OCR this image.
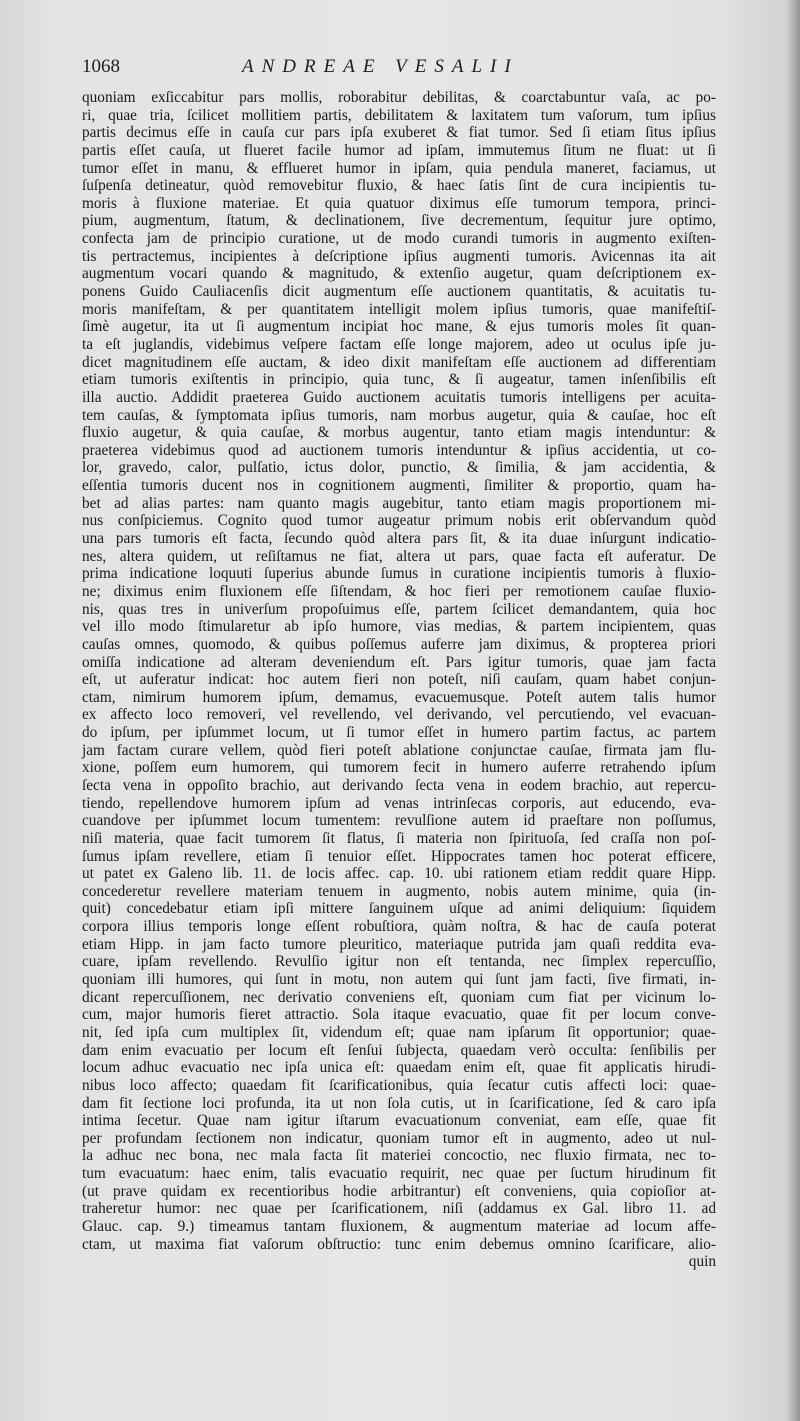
1068	ANDREAE VESALII
quoniam exſiccabitur pars mollis, roborabitur debilitas, & coarctabuntur vaſa, ac po-
ri, quae tria, ſcilicet mollitiem partis, debilitatem & laxitatem tum vaſorum, tum ipſius
partis decimus eſſe in cauſa cur pars ipſa exuberet & fiat tumor. Sed ſi etiam ſitus ipſius
partis eſſet cauſa, ut flueret facile humor ad ipſam, immutemus ſitum ne fluat: ut ſi
tumor eſſet in manu, & efflueret humor in ipſam, quia pendula maneret, faciamus, ut
ſuſpenſa detineatur, quòd removebitur fluxio, & haec ſatis ſint de cura incipientis tu-
moris à fluxione materiae. Et quia quatuor diximus eſſe tumorum tempora, princi-
pium, augmentum, ſtatum, & declinationem, ſive decrementum, ſequitur jure optimo,
confecta jam de principio curatione, ut de modo curandi tumoris in augmento exiſten-
tis pertractemus, incipientes à deſcriptione ipſius augmenti tumoris. Avicennas ita ait
augmentum vocari quando & magnitudo, & extenſio augetur, quam deſcriptionem ex-
ponens Guido Cauliacenſis dicit augmentum eſſe auctionem quantitatis, & acuitatis tu-
moris manifeſtam, & per quantitatem intelligit molem ipſius tumoris, quae manifeſtiſ-
ſimè augetur, ita ut ſi augmentum incipiat hoc mane, & ejus tumoris moles ſit quan-
ta eſt juglandis, videbimus veſpere factam eſſe longe majorem, adeo ut oculus ipſe ju-
dicet magnitudinem eſſe auctam, & ideo dixit manifeſtam eſſe auctionem ad differentiam
etiam tumoris exiſtentis in principio, quia tunc, & ſi augeatur, tamen inſenſibilis eſt
illa auctio. Addidit praeterea Guido auctionem acuitatis tumoris intelligens per acuita-
tem cauſas, & ſymptomata ipſius tumoris, nam morbus augetur, quia & cauſae, hoc eſt
fluxio augetur, & quia cauſae, & morbus augentur, tanto etiam magis intenduntur: &
praeterea videbimus quod ad auctionem tumoris intenduntur & ipſius accidentia, ut co-
lor, gravedo, calor, pulſatio, ictus dolor, punctio, & ſimilia, & jam accidentia, &
eſſentia tumoris ducent nos in cognitionem augmenti, ſimiliter & proportio, quam ha-
bet ad alias partes: nam quanto magis augebitur, tanto etiam magis proportionem mi-
nus conſpiciemus. Cognito quod tumor augeatur primum nobis erit obſervandum quòd
una pars tumoris eſt facta, ſecundo quòd altera pars ſit, & ita duae inſurgunt indicatio-
nes, altera quidem, ut reſiſtamus ne fiat, altera ut pars, quae facta eſt auferatur. De
prima indicatione loquuti ſuperius abunde ſumus in curatione incipientis tumoris à fluxio-
ne; diximus enim fluxionem eſſe ſiſtendam, & hoc fieri per remotionem cauſae fluxio-
nis, quas tres in univerſum propoſuimus eſſe, partem ſcilicet demandantem, quia hoc
vel illo modo ſtimularetur ab ipſo humore, vias medias, & partem incipientem, quas
cauſas omnes, quomodo, & quibus poſſemus auferre jam diximus, & propterea priori
omiſſa indicatione ad alteram deveniendum eſt. Pars igitur tumoris, quae jam facta
eſt, ut auferatur indicat: hoc autem fieri non poteſt, niſi cauſam, quam habet conjun-
ctam, nimirum humorem ipſum, demamus, evacuemusque. Poteſt autem talis humor
ex affecto loco removeri, vel revellendo, vel derivando, vel percutiendo, vel evacuan-
do ipſum, per ipſummet locum, ut ſi tumor eſſet in humero partim factus, ac partem
jam factam curare vellem, quòd fieri poteſt ablatione conjunctae cauſae, firmata jam flu-
xione, poſſem eum humorem, qui tumorem fecit in humero auferre retrahendo ipſum
ſecta vena in oppoſito brachio, aut derivando ſecta vena in eodem brachio, aut repercu-
tiendo, repellendove humorem ipſum ad venas intrinſecas corporis, aut educendo, eva-
cuandove per ipſummet locum tumentem: revulſione autem id praeſtare non poſſumus,
niſi materia, quae facit tumorem ſit flatus, ſi materia non ſpirituoſa, ſed craſſa non poſ-
ſumus ipſam revellere, etiam ſi tenuior eſſet. Hippocrates tamen hoc poterat efficere,
ut patet ex Galeno lib. 11. de locis affec. cap. 10. ubi rationem etiam reddit quare Hipp.
concederetur revellere materiam tenuem in augmento, nobis autem minime, quia (in-
quit) concedebatur etiam ipſi mittere ſanguinem uſque ad animi deliquium: ſiquidem
corpora illius temporis longe eſſent robuſtiora, quàm noſtra, & hac de cauſa poterat
etiam Hipp. in jam facto tumore pleuritico, materiaque putrida jam quaſi reddita eva-
cuare, ipſam revellendo. Revulſio igitur non eſt tentanda, nec ſimplex repercuſſio,
quoniam illi humores, qui ſunt in motu, non autem qui ſunt jam facti, ſive firmati, in-
dicant repercuſſionem, nec derivatio conveniens eſt, quoniam cum fiat per vicinum lo-
cum, major humoris fieret attractio. Sola itaque evacuatio, quae fit per locum conve-
nit, ſed ipſa cum multiplex ſit, videndum eſt; quae nam ipſarum ſit opportunior; quae-
dam enim evacuatio per locum eſt ſenſui ſubjecta, quaedam verò occulta: ſenſibilis per
locum adhuc evacuatio nec ipſa unica eſt: quaedam enim eſt, quae fit applicatis hirudi-
nibus loco affecto; quaedam fit ſcarificationibus, quia ſecatur cutis affecti loci: quae-
dam fit ſectione loci profunda, ita ut non ſola cutis, ut in ſcarificatione, ſed & caro ipſa
intima ſecetur. Quae nam igitur iſtarum evacuationum conveniat, eam eſſe, quae fit
per profundam ſectionem non indicatur, quoniam tumor eſt in augmento, adeo ut nul-
la adhuc nec bona, nec mala facta ſit materiei concoctio, nec fluxio firmata, nec to-
tum evacuatum: haec enim, talis evacuatio requirit, nec quae per ſuctum hirudinum fit
(ut prave quidam ex recentioribus hodie arbitrantur) eſt conveniens, quia copioſior at-
traheretur humor: nec quae per ſcarificationem, niſi (addamus ex Gal. libro 11. ad
Glauc. cap. 9.) timeamus tantam fluxionem, & augmentum materiae ad locum affe-
ctam, ut maxima fiat vaſorum obſtructio: tunc enim debemus omnino ſcarificare, alio-
quin
